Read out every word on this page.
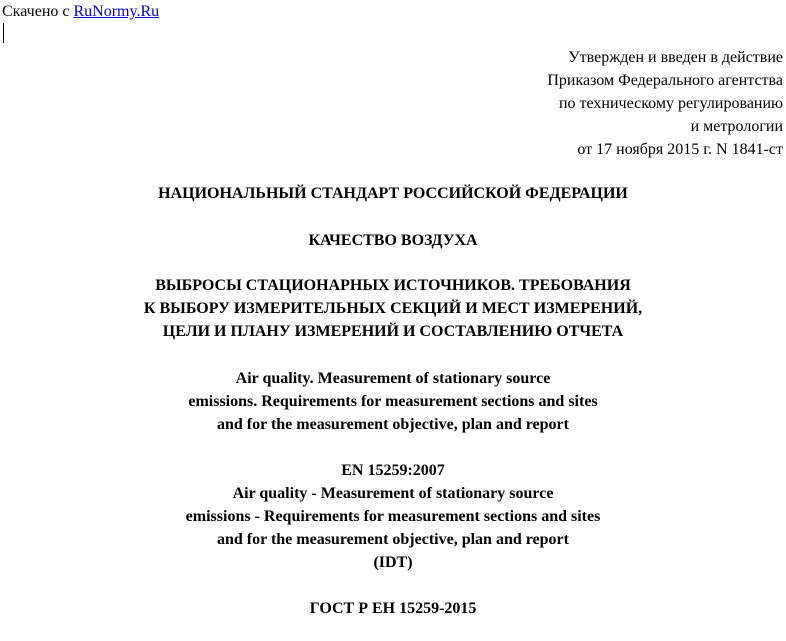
Скачено с RuNormy.Ru
Утвержден и введен в действие
Приказом Федерального агентства
по техническому регулированию
и метрологии
от 17 ноября 2015 г. N 1841-ст
НАЦИОНАЛЬНЫЙ СТАНДАРТ РОССИЙСКОЙ ФЕДЕРАЦИИ
КАЧЕСТВО ВОЗДУХА
ВЫБРОСЫ СТАЦИОНАРНЫХ ИСТОЧНИКОВ. ТРЕБОВАНИЯ
К ВЫБОРУ ИЗМЕРИТЕЛЬНЫХ СЕКЦИЙ И МЕСТ ИЗМЕРЕНИЙ,
ЦЕЛИ И ПЛАНУ ИЗМЕРЕНИЙ И СОСТАВЛЕНИЮ ОТЧЕТА
Air quality. Measurement of stationary source
emissions. Requirements for measurement sections and sites
and for the measurement objective, plan and report
EN 15259:2007
Air quality - Measurement of stationary source
emissions - Requirements for measurement sections and sites
and for the measurement objective, plan and report
(IDT)
ГОСТ Р ЕН 15259-2015
